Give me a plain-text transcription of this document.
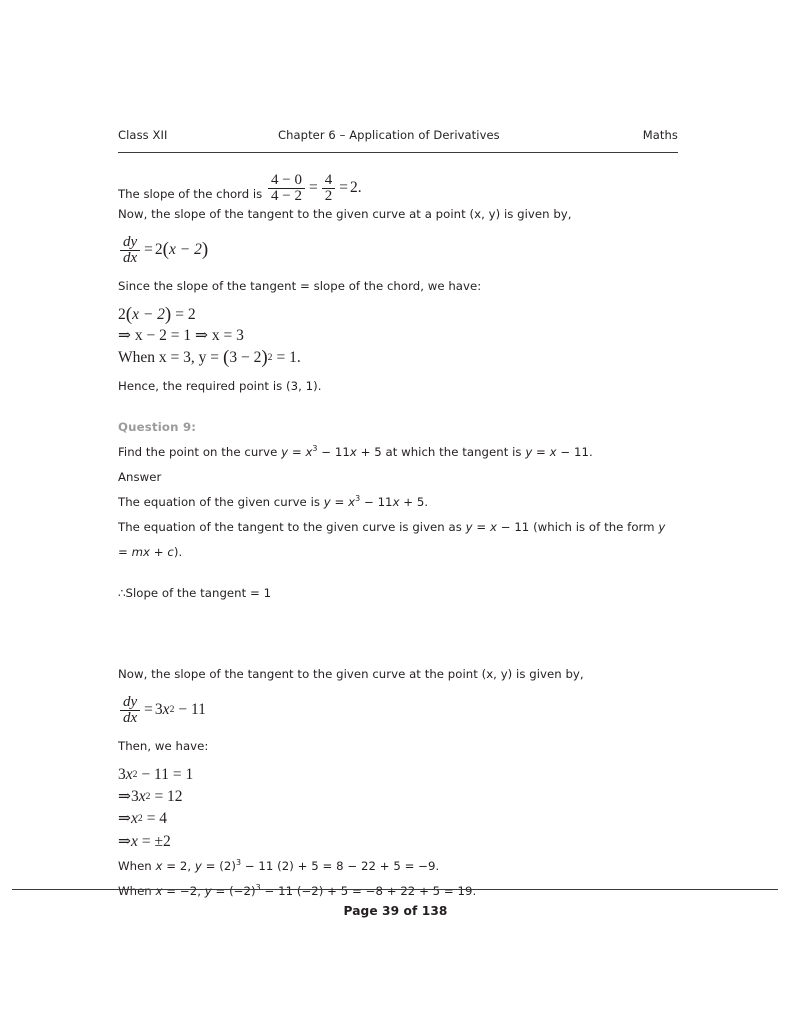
Class XII	Chapter 6 – Application of Derivatives	Maths
The slope of the chord is $\frac{4 - 0}{4 - 2} = \frac{4}{2} = 2$.
Now, the slope of the tangent to the given curve at a point (x, y) is given by,
$\frac{dy}{dx} = 2$ ( x − 2 )
Since the slope of the tangent = slope of the chord, we have:
2 ( x − 2 ) = 2
⇒ x − 2 = 1 ⇒ x = 3
When x = 3, y = ( 3 − 2 ) 2 = 1.
Hence, the required point is (3, 1).
Question 9:
Find the point on the curve $y = x^3 - 11x + 5$ at which the tangent is y = x − 11.
Answer
The equation of the given curve is $y = x^3 - 11x + 5$.
The equation of the tangent to the given curve is given as y = x − 11 (which is of the form y = mx + c).
∴Slope of the tangent = 1
Now, the slope of the tangent to the given curve at the point (x, y) is given by,
$\frac{dy}{dx} = 3$ x 2 − 11
Then, we have:
3 x 2 − 11 = 1
⇒ 3 x 2 = 12
⇒ x 2 = 4
⇒ x = ±2
When x = 2, $y = (2)^3 - 11$ (2) + 5 = 8 − 22 + 5 = −9.
When x = −2, $y = (-2)^3 - 11$ (−2) + 5 = −8 + 22 + 5 = 19.
Page 39 of 138
